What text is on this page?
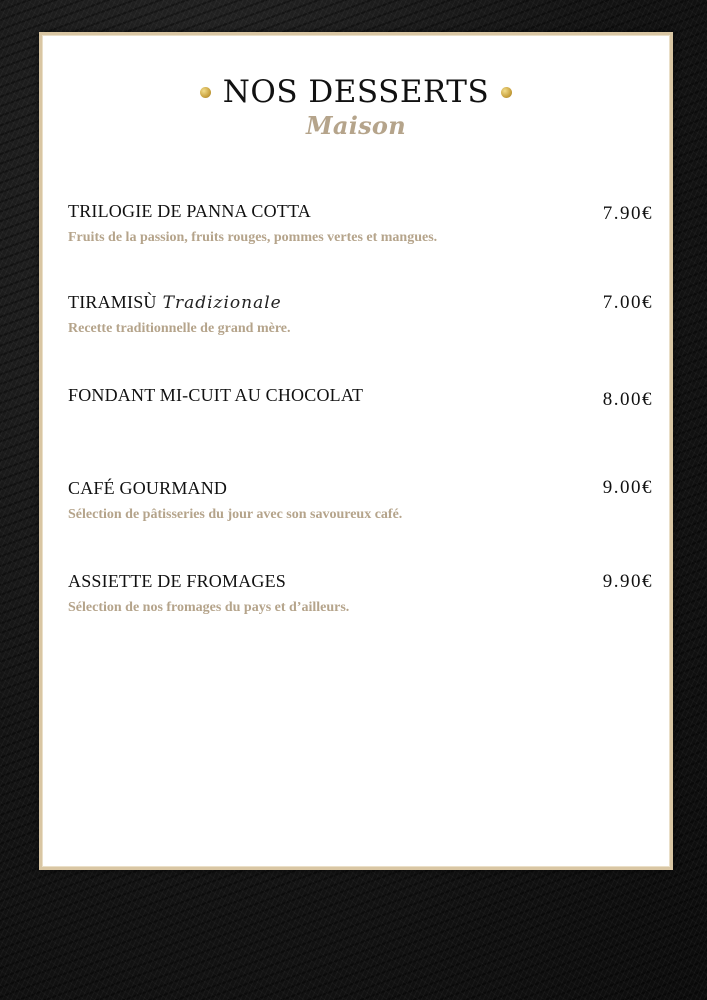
NOS DESSERTS
Maison
TRILOGIE DE PANNA COTTA	7.90€
Fruits de la passion, fruits rouges, pommes vertes et mangues.
TIRAMISÙ Tradizionale	7.00€
Recette traditionnelle de grand mère.
FONDANT MI-CUIT AU CHOCOLAT	8.00€
CAFÉ GOURMAND	9.00€
Sélection de pâtisseries du jour avec son savoureux café.
ASSIETTE DE FROMAGES	9.90€
Sélection de nos fromages du pays et d’ailleurs.
